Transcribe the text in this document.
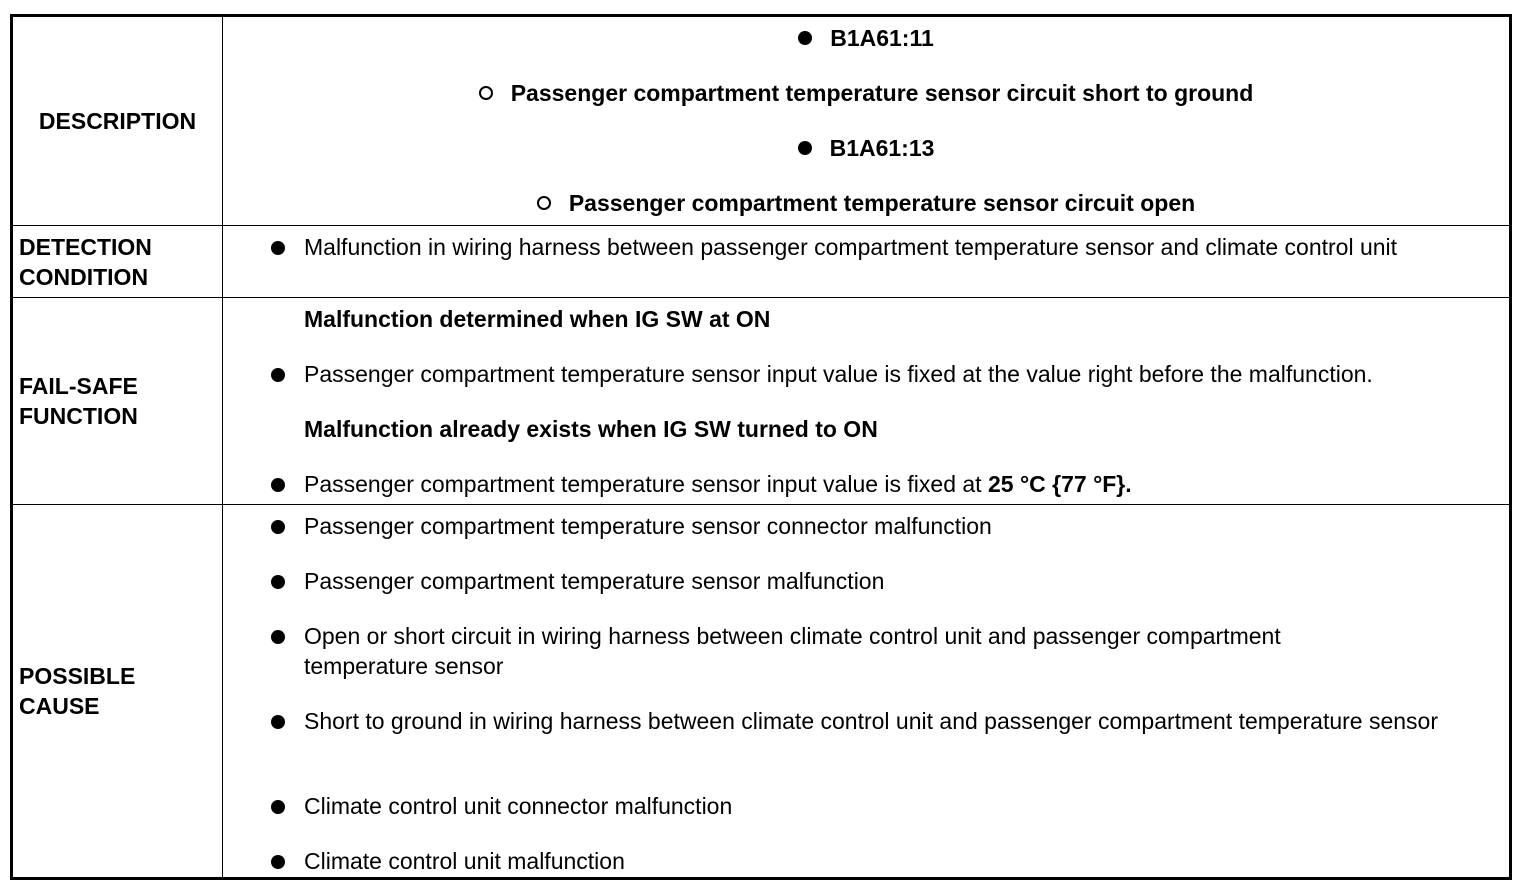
DESCRIPTION
B1A61:11
Passenger compartment temperature sensor circuit short to ground
B1A61:13
Passenger compartment temperature sensor circuit open
DETECTION
CONDITION
Malfunction in wiring harness between passenger compartment temperature sensor and climate control unit
FAIL-SAFE
FUNCTION
Malfunction determined when IG SW at ON
Passenger compartment temperature sensor input value is fixed at the value right before the malfunction.
Malfunction already exists when IG SW turned to ON
Passenger compartment temperature sensor input value is fixed at 25 °C {77 °F}.
POSSIBLE
CAUSE
Passenger compartment temperature sensor connector malfunction
Passenger compartment temperature sensor malfunction
Open or short circuit in wiring harness between climate control unit and passenger compartment temperature sensor
Short to ground in wiring harness between climate control unit and passenger compartment temperature sensor
Climate control unit connector malfunction
Climate control unit malfunction
